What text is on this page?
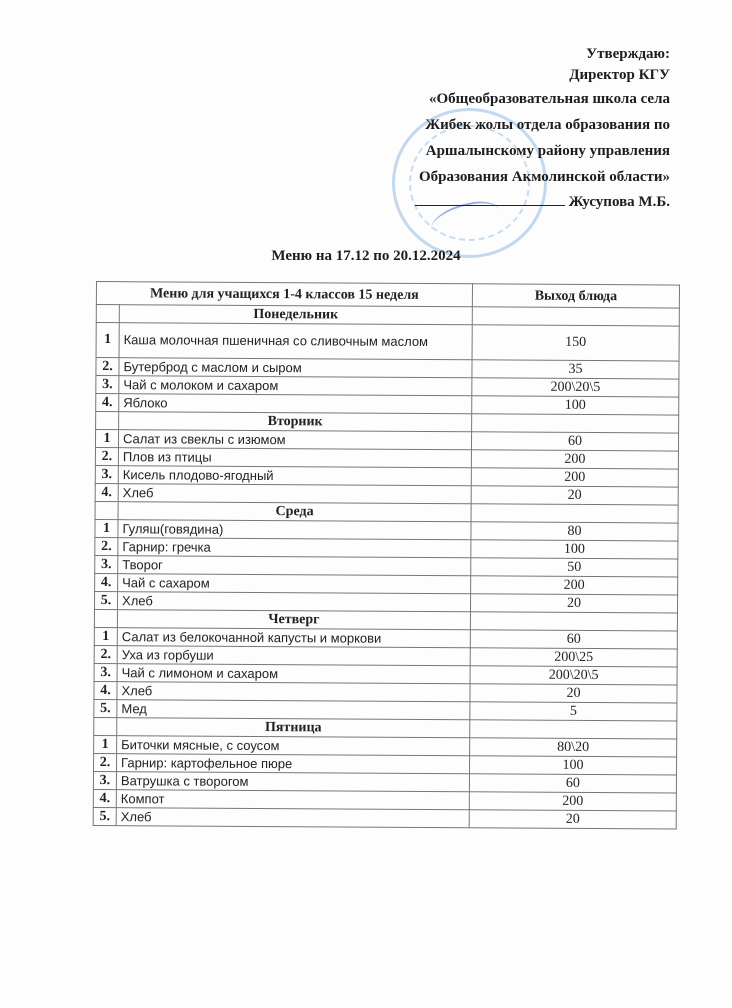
Утверждаю:
Директор КГУ
«Общеобразовательная школа села
Жибек жолы отдела образования по
Аршалынскому району управления
Образования Акмолинской области»
Жусупова М.Б.
Меню на 17.12 по 20.12.2024
Меню для учащихся 1-4 классов 15 неделя		Выход блюда
	Понедельник	
1	Каша молочная пшеничная со сливочным маслом	150
2.	Бутерброд с маслом и сыром	35
3.	Чай с молоком и сахаром	200\20\5
4.	Яблоко	100
	Вторник	
1	Салат из свеклы с изюмом	60
2.	Плов из птицы	200
3.	Кисель плодово-ягодный	200
4.	Хлеб	20
	Среда	
1	Гуляш(говядина)	80
2.	Гарнир: гречка	100
3.	Творог	50
4.	Чай с сахаром	200
5.	Хлеб	20
	Четверг	
1	Салат из белокочанной капусты и моркови	60
2.	Уха из горбуши	200\25
3.	Чай с лимоном и сахаром	200\20\5
4.	Хлеб	20
5.	Мед	5
	Пятница	
1	Биточки мясные, с соусом	80\20
2.	Гарнир: картофельное пюре	100
3.	Ватрушка с творогом	60
4.	Компот	200
5.	Хлеб	20
